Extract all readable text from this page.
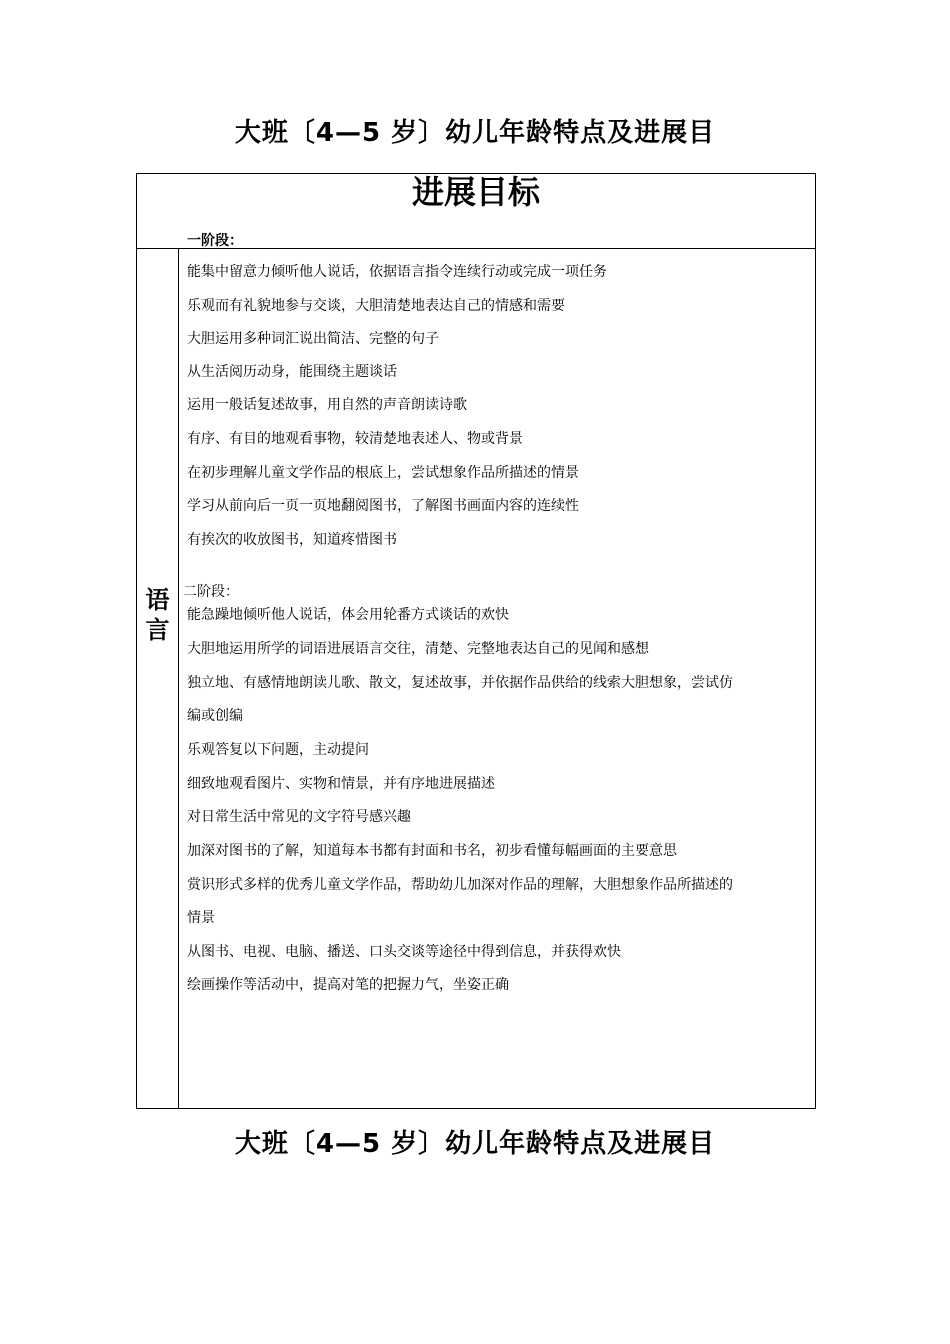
大班〔4—5 岁〕幼儿年龄特点及进展目
进展目标
一阶段：
语言
能集中留意力倾听他人说话，依据语言指令连续行动或完成一项任务
乐观而有礼貌地参与交谈，大胆清楚地表达自己的情感和需要
大胆运用多种词汇说出简洁、完整的句子
从生活阅历动身，能围绕主题谈话
运用一般话复述故事，用自然的声音朗读诗歌
有序、有目的地观看事物，较清楚地表述人、物或背景
在初步理解儿童文学作品的根底上，尝试想象作品所描述的情景
学习从前向后一页一页地翻阅图书，了解图书画面内容的连续性
有挨次的收放图书，知道疼惜图书
二阶段：
能急躁地倾听他人说话，体会用轮番方式谈话的欢快
大胆地运用所学的词语进展语言交往，清楚、完整地表达自己的见闻和感想
独立地、有感情地朗读儿歌、散文，复述故事，并依据作品供给的线索大胆想象，尝试仿
编或创编
乐观答复以下问题，主动提问
细致地观看图片、实物和情景，并有序地进展描述
对日常生活中常见的文字符号感兴趣
加深对图书的了解，知道每本书都有封面和书名，初步看懂每幅画面的主要意思
赏识形式多样的优秀儿童文学作品，帮助幼儿加深对作品的理解，大胆想象作品所描述的
情景
从图书、电视、电脑、播送、口头交谈等途径中得到信息，并获得欢快
绘画操作等活动中，提高对笔的把握力气，坐姿正确
大班〔4—5 岁〕幼儿年龄特点及进展目
